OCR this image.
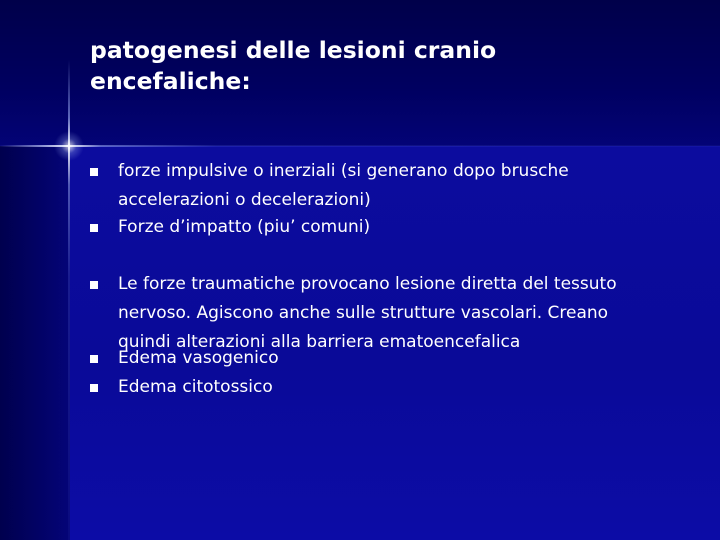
patogenesi delle lesioni cranio
encefaliche:

forze impulsive o inerziali (si generano dopo brusche
accelerazioni o decelerazioni)

Forze d’impatto (piu’ comuni)

Le forze traumatiche provocano lesione diretta del tessuto
nervoso. Agiscono anche sulle strutture vascolari. Creano
quindi alterazioni alla barriera ematoencefalica

Edema vasogenico

Edema citotossico
